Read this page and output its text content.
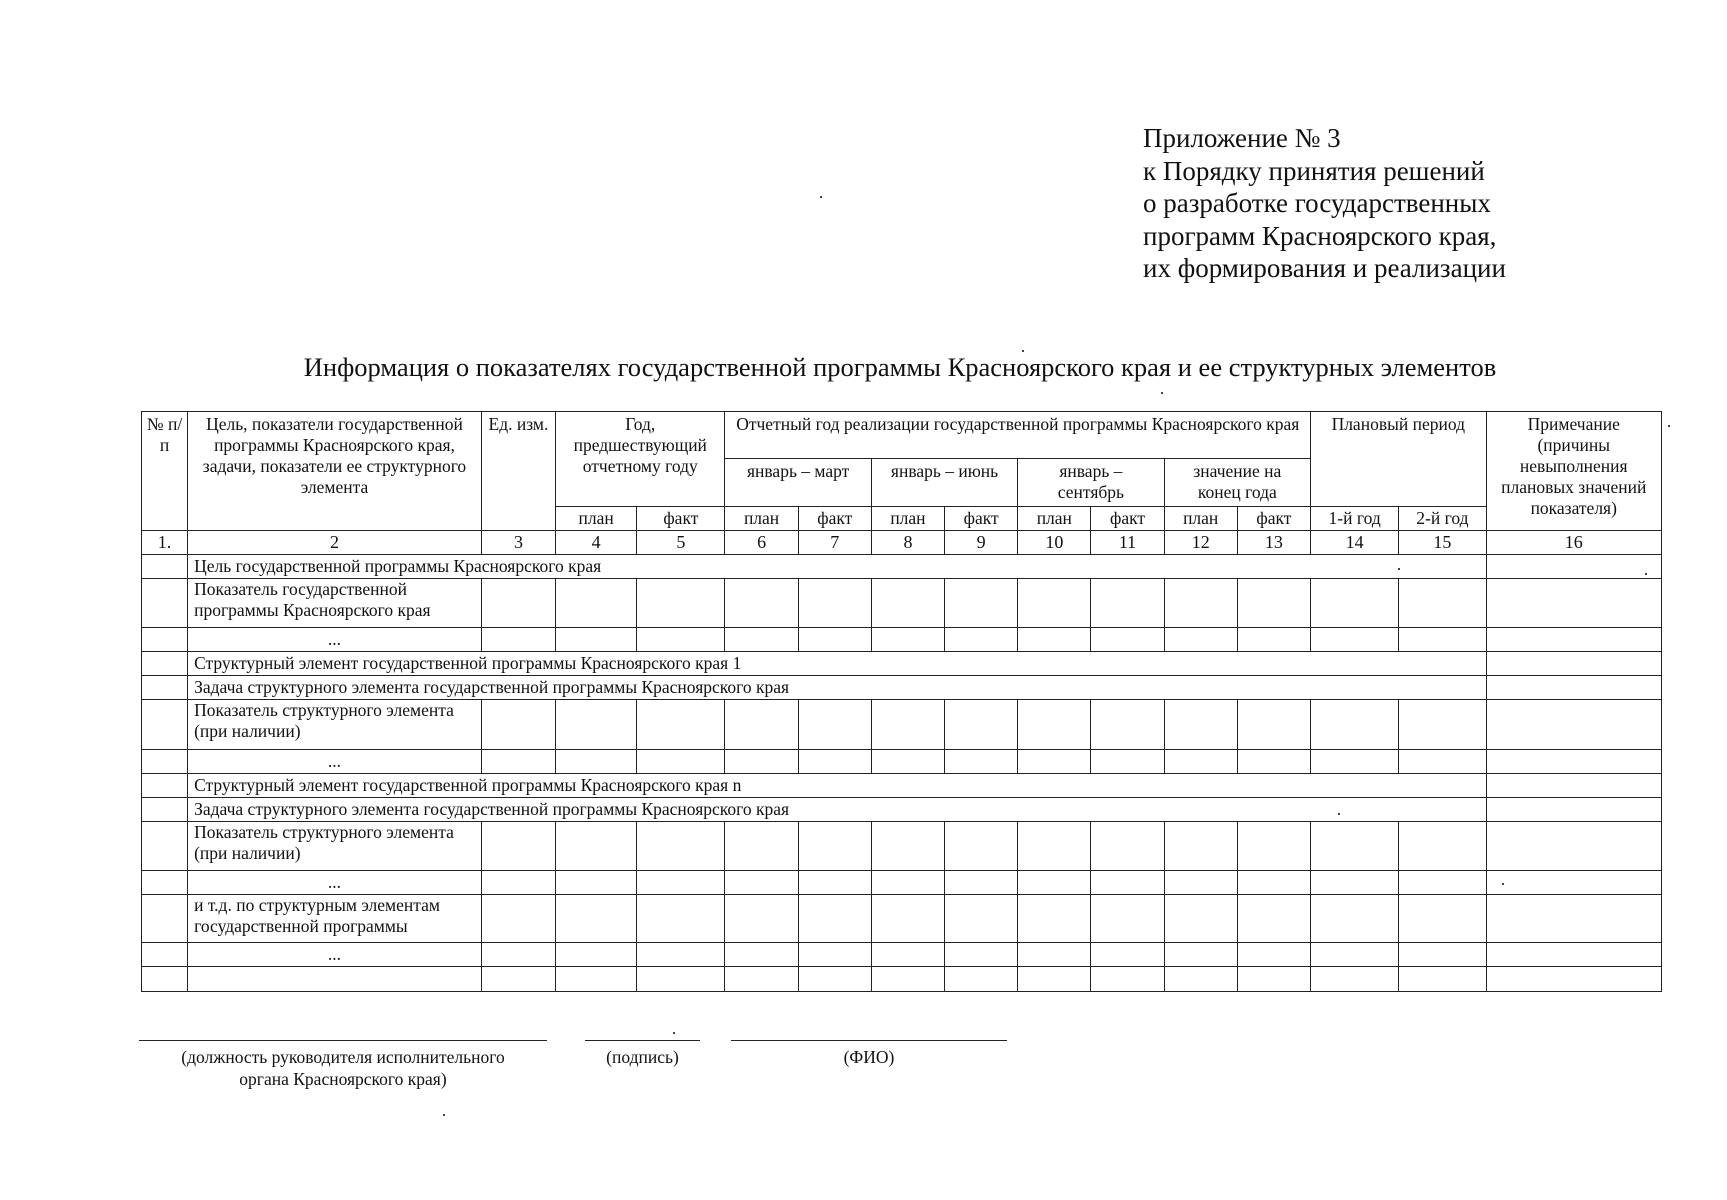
Приложение № 3
к Порядку принятия решений
о разработке государственных
программ Красноярского края,
их формирования и реализации
Информация о показателях государственной программы Красноярского края и ее структурных элементов
№ п/п	Цель, показатели государственной программы Красноярского края, задачи, показатели ее структурного элемента	Ед. изм.	Год, предшествующий отчетному году		Отчетный год реализации государственной программы Красноярского края								Плановый период		Примечание (причины невыполнения плановых значений показателя)
					январь – март		январь – июнь		январь – сентябрь		значение на конец года				
			план	факт	план	факт	план	факт	план	факт	план	факт	1-й год	2-й год	
1.	2	3	4	5	6	7	8	9	10	11	12	13	14	15	16
	Цель государственной программы Красноярского края														
	Показатель государственной программы Красноярского края														
	...														
	Структурный элемент государственной программы Красноярского края 1														
	Задача структурного элемента государственной программы Красноярского края														
	Показатель структурного элемента (при наличии)														
	...														
	Структурный элемент государственной программы Красноярского края n														
	Задача структурного элемента государственной программы Красноярского края														
	Показатель структурного элемента (при наличии)														
	...														
	и т.д. по структурным элементам государственной программы														
	...														

(должность руководителя исполнительного органа Красноярского края)
(подпись)	(ФИО)
